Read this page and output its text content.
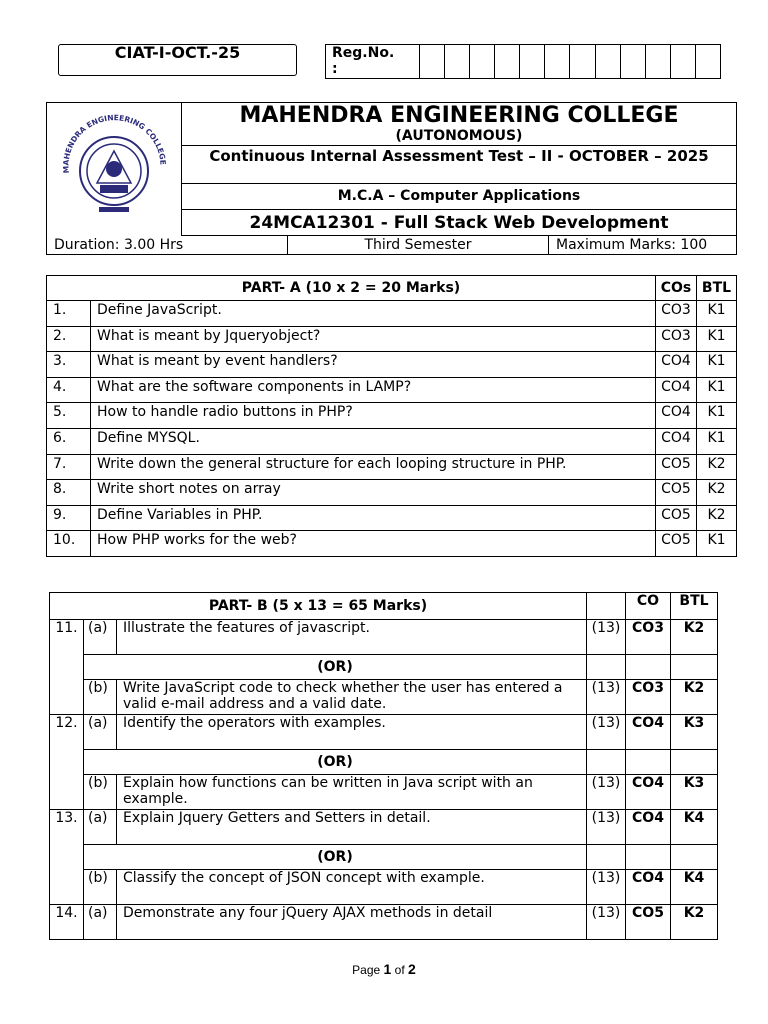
CIAT-I-OCT.-25	Reg.No.
:
MAHENDRA ENGINEERING COLLEGE
MAHENDRA ENGINEERING COLLEGE
(AUTONOMOUS)
Continuous Internal Assessment Test – II - OCTOBER – 2025
M.C.A – Computer Applications
24MCA12301 - Full Stack Web Development
Duration: 3.00 Hrs	Third Semester	Maximum Marks: 100
PART- A (10 x 2 = 20 Marks)		COs	BTL
1.	Define JavaScript.	CO3	K1
2.	What is meant by Jqueryobject?	CO3	K1
3.	What is meant by event handlers?	CO4	K1
4.	What are the software components in LAMP?	CO4	K1
5.	How to handle radio buttons in PHP?	CO4	K1
6.	Define MYSQL.	CO4	K1
7.	Write down the general structure for each looping structure in PHP.	CO5	K2
8.	Write short notes on array	CO5	K2
9.	Define Variables in PHP.	CO5	K2
10.	How PHP works for the web?	CO5	K1
PART- B (5 x 13 = 65 Marks)				CO	BTL
11.	(a)	Illustrate the features of javascript.	(13)	CO3	K2
	(OR)				
	(b)	Write JavaScript code to check whether the user has entered a valid e-mail address and a valid date.	(13)	CO3	K2
12.	(a)	Identify the operators with examples.	(13)	CO4	K3
	(OR)				
	(b)	Explain how functions can be written in Java script with an example.	(13)	CO4	K3
13.	(a)	Explain Jquery Getters and Setters in detail.	(13)	CO4	K4
	(OR)				
	(b)	Classify the concept of JSON concept with example.	(13)	CO4	K4
14.	(a)	Demonstrate any four jQuery AJAX methods in detail	(13)	CO5	K2
Page 1 of 2
